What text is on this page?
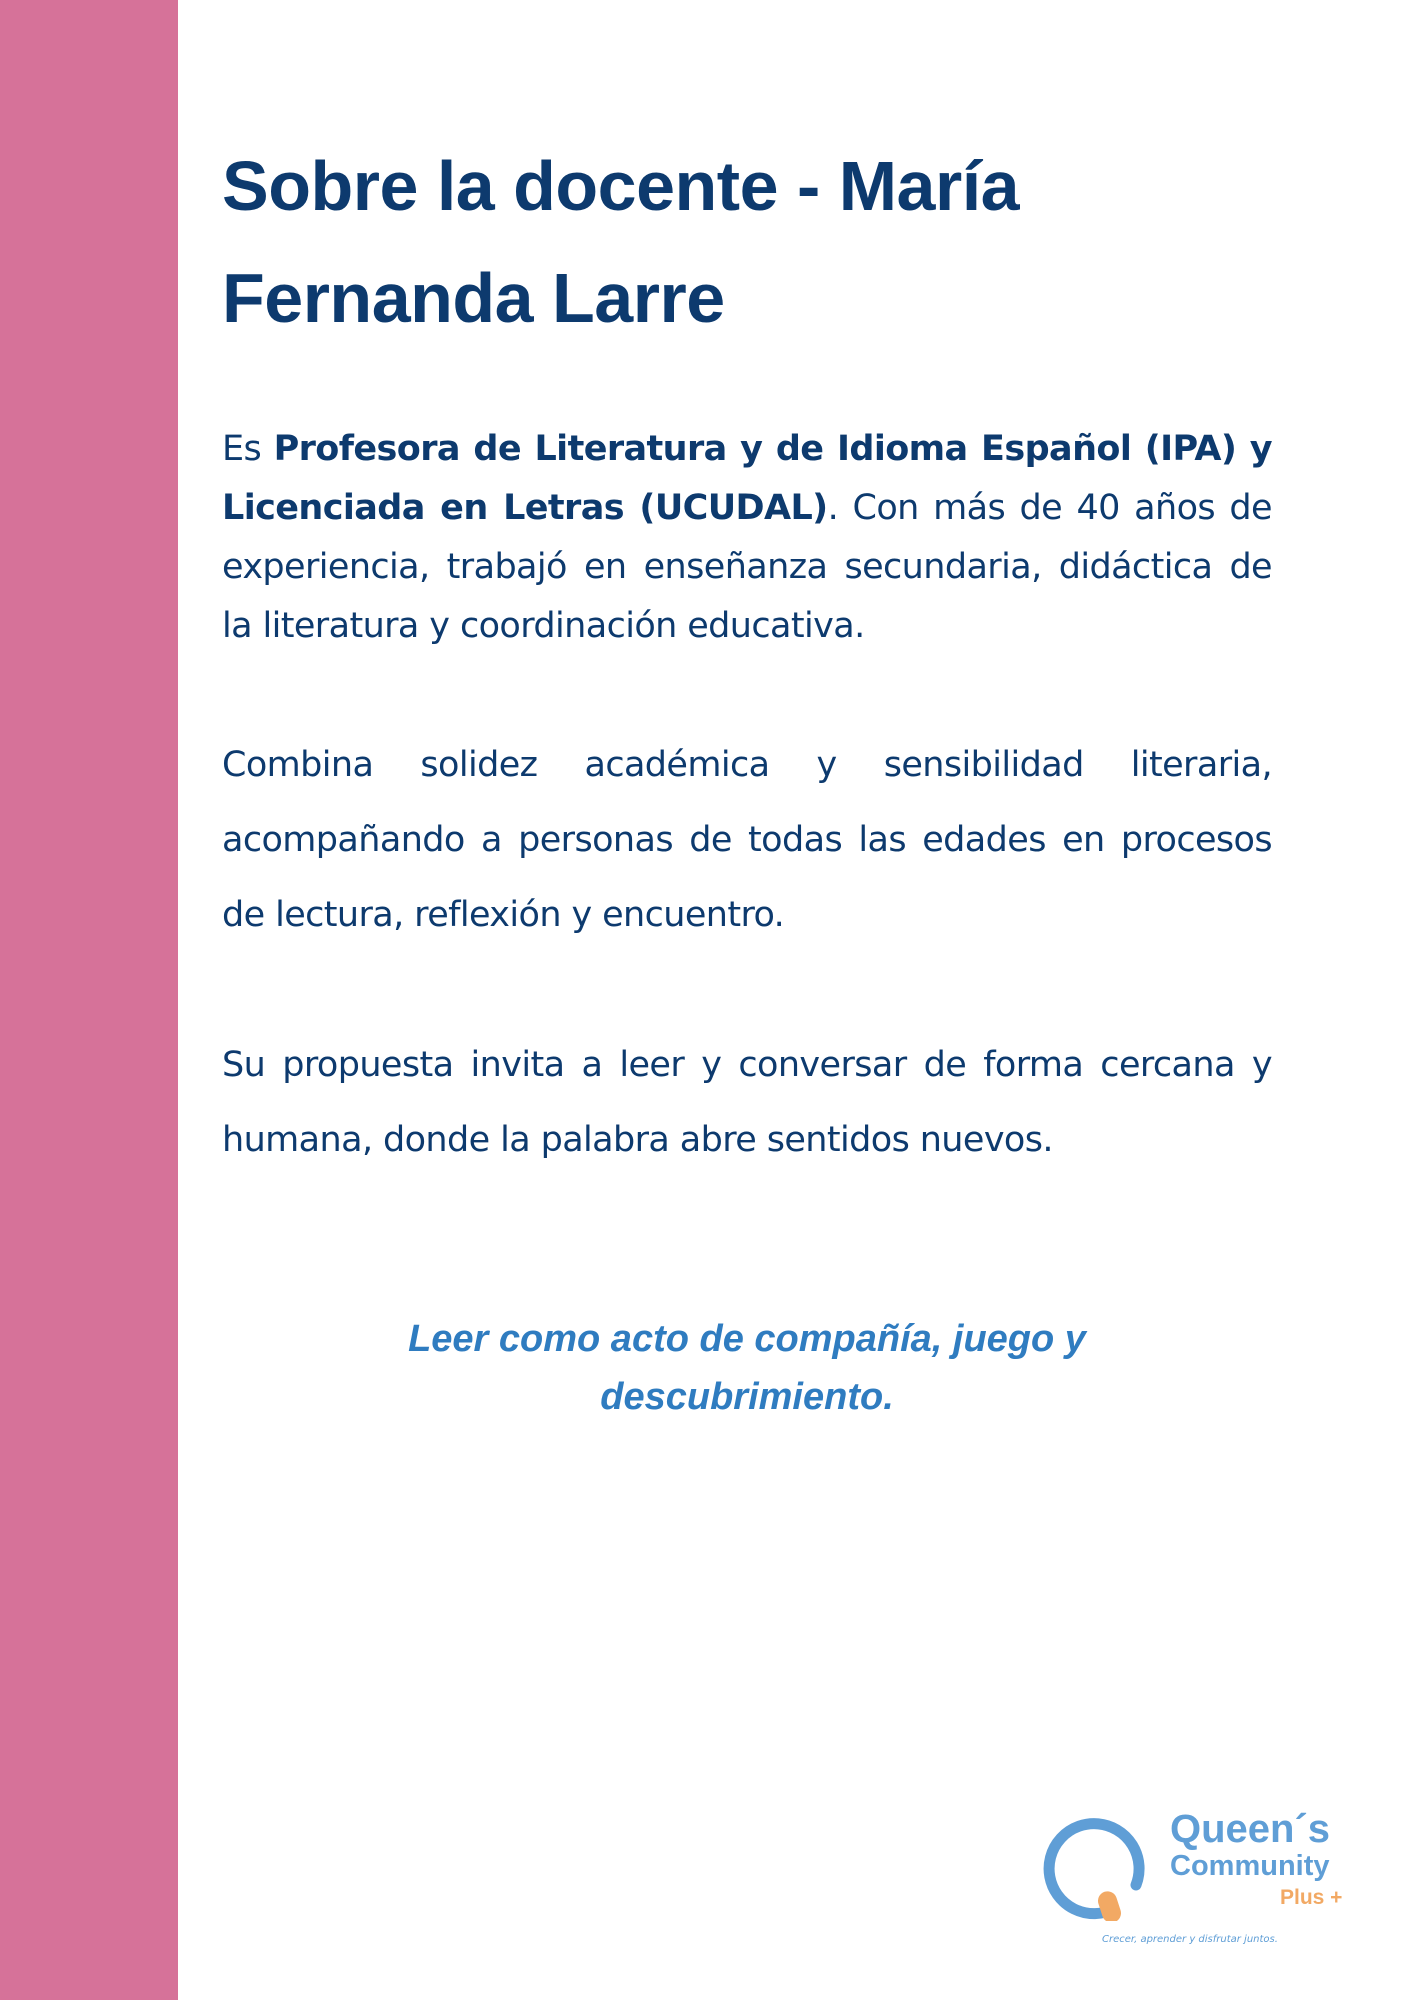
Sobre la docente - María Fernanda Larre

Es Profesora de Literatura y de Idioma Español (IPA) y Licenciada en Letras (UCUDAL). Con más de 40 años de experiencia, trabajó en enseñanza secundaria, didáctica de la literatura y coordinación educativa.

Combina solidez académica y sensibilidad literaria, acompañando a personas de todas las edades en procesos de lectura, reflexión y encuentro.

Su propuesta invita a leer y conversar de forma cercana y humana, donde la palabra abre sentidos nuevos.

Leer como acto de compañía, juego y
descubrimiento.

Queen´s
Community
Plus +
Crecer, aprender y disfrutar juntos.
